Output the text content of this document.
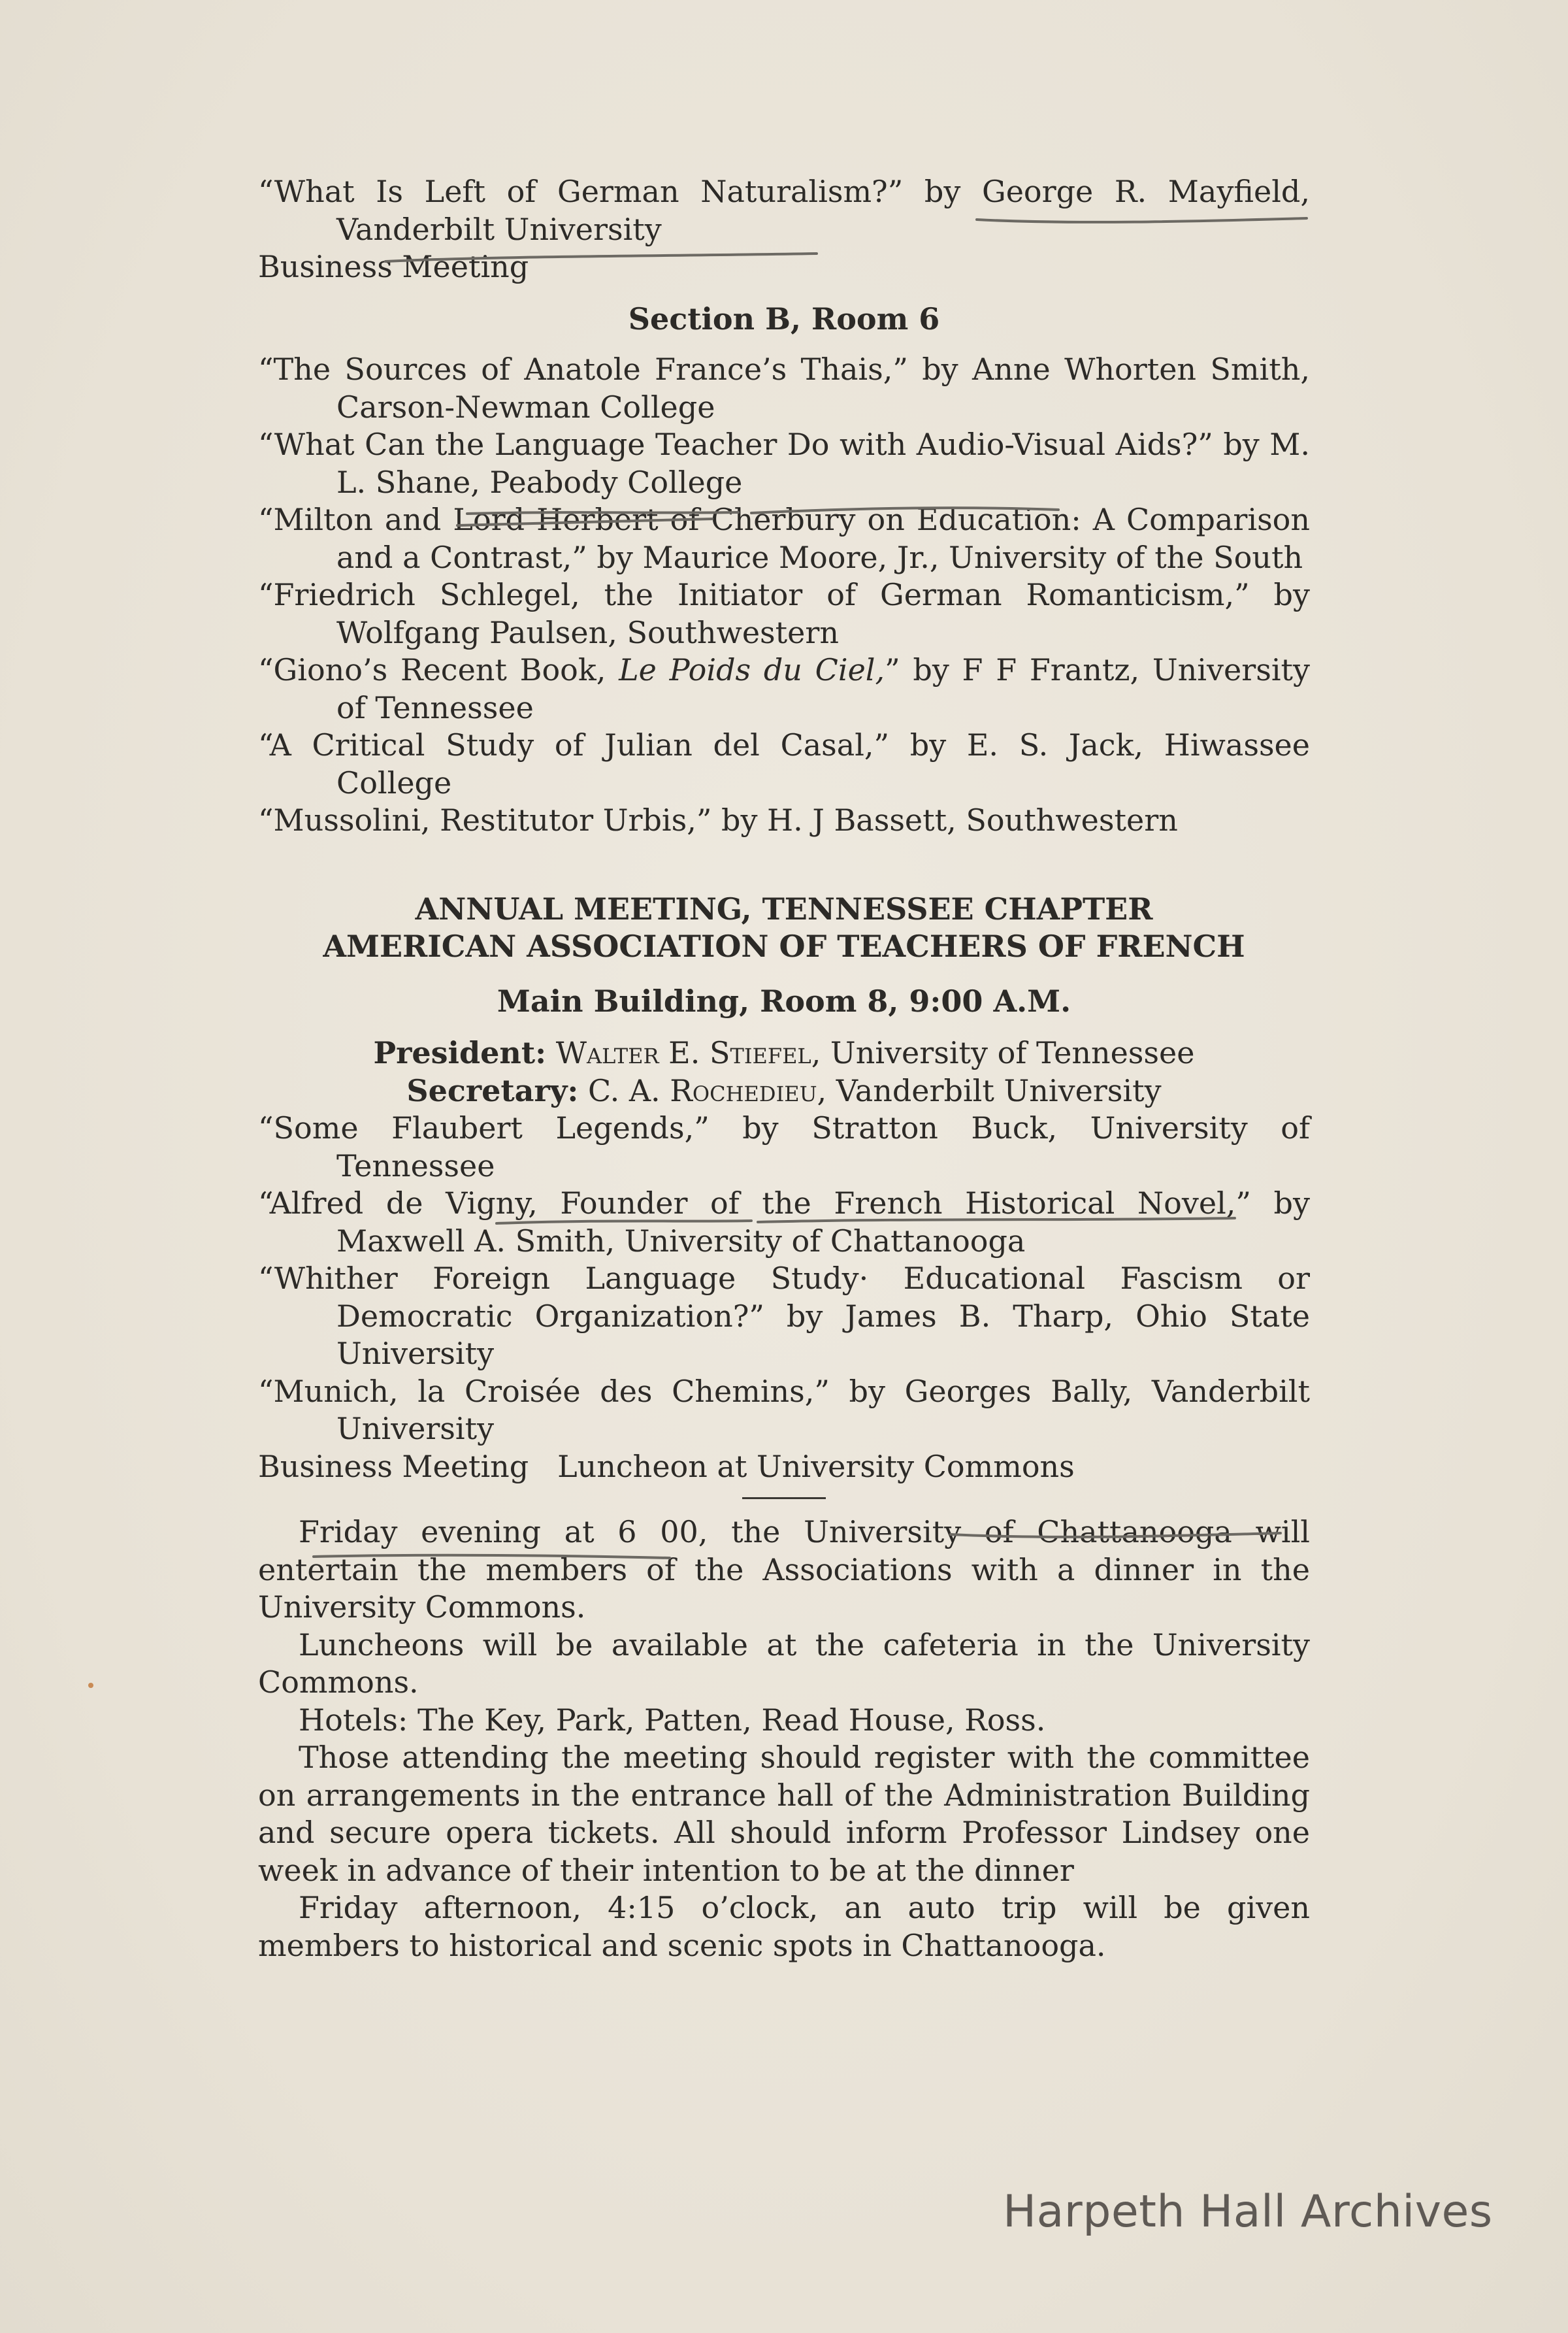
“What Is Left of German Naturalism?” by George R. Mayfield, Vanderbilt University

Business Meeting

Section B, Room 6

“The Sources of Anatole France’s Thais,” by Anne Whorten Smith, Carson-Newman College

“What Can the Language Teacher Do with Audio-Visual Aids?” by M. L. Shane, Peabody College

“Milton and Lord Herbert of Cherbury on Education: A Comparison and a Contrast,” by Maurice Moore, Jr., University of the South

“Friedrich Schlegel, the Initiator of German Romanticism,” by Wolfgang Paulsen, Southwestern

“Giono’s Recent Book, Le Poids du Ciel,” by F F Frantz, University of Tennessee

“A Critical Study of Julian del Casal,” by E. S. Jack, Hiwassee College

“Mussolini, Restitutor Urbis,” by H. J Bassett, Southwestern

ANNUAL MEETING, TENNESSEE CHAPTER

AMERICAN ASSOCIATION OF TEACHERS OF FRENCH

Main Building, Room 8, 9:00 A.M.

President: Walter E. Stiefel, University of Tennessee

Secretary: C. A. Rochedieu, Vanderbilt University

“Some Flaubert Legends,” by Stratton Buck, University of Tennessee

“Alfred de Vigny, Founder of the French Historical Novel,” by Maxwell A. Smith, University of Chattanooga

“Whither Foreign Language Study· Educational Fascism or Democratic Organization?” by James B. Tharp, Ohio State University

“Munich, la Croisée des Chemins,” by Georges Bally, Vanderbilt University

Business Meeting Luncheon at University Commons

Friday evening at 6 00, the University of Chattanooga will entertain the members of the Associations with a dinner in the University Commons.

Luncheons will be available at the cafeteria in the University Commons.

Hotels: The Key, Park, Patten, Read House, Ross.

Those attending the meeting should register with the committee on arrangements in the entrance hall of the Administration Building and secure opera tickets. All should inform Professor Lindsey one week in advance of their intention to be at the dinner

Friday afternoon, 4:15 o’clock, an auto trip will be given members to historical and scenic spots in Chattanooga.

Harpeth Hall Archives
